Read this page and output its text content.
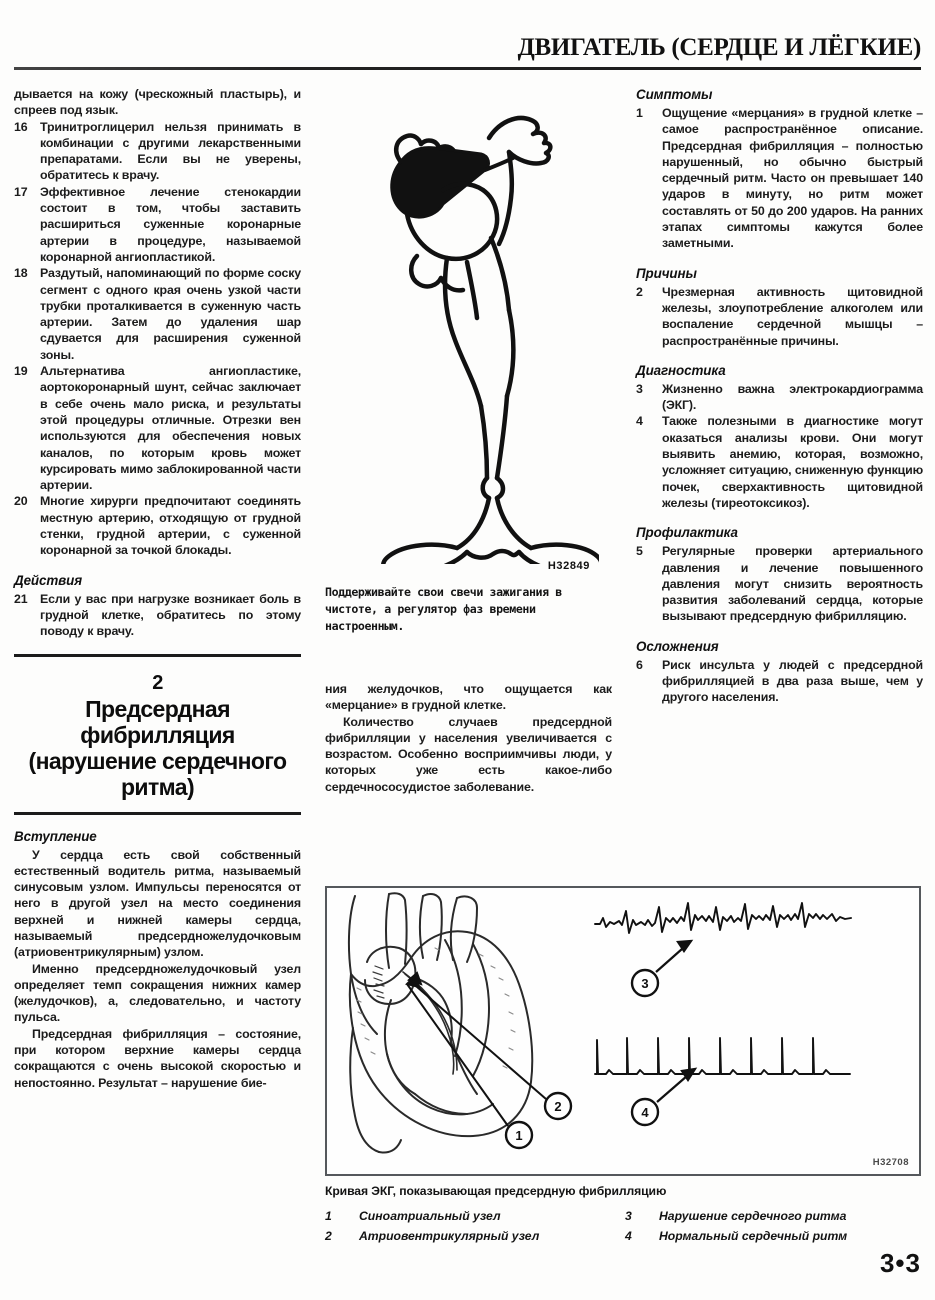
ДВИГАТЕЛЬ (СЕРДЦЕ И ЛЁГКИЕ)

дывается на кожу (чрескожный пластырь), и спреев под язык.

16	Тринитроглицерил нельзя принимать в комбинации с другими лекарственными препаратами. Если вы не уверены, обратитесь к врачу.
17	Эффективное лечение стенокардии состоит в том, чтобы заставить расшириться суженные коронарные артерии в процедуре, называемой коронарной ангиопластикой.
18	Раздутый, напоминающий по форме соску сегмент с одного края очень узкой части трубки проталкивается в суженную часть артерии. Затем до удаления шар сдувается для расширения суженной зоны.
19	Альтернатива ангиопластике, аортокоронарный шунт, сейчас заключает в себе очень мало риска, и результаты этой процедуры отличные. Отрезки вен используются для обеспечения новых каналов, по которым кровь может курсировать мимо заблокированной части артерии.
20	Многие хирурги предпочитают соединять местную артерию, отходящую от грудной стенки, грудной артерии, с суженной коронарной за точкой блокады.
Действия
21	Если у вас при нагрузке возникает боль в грудной клетке, обратитесь по этому поводу к врачу.
2
Предсердная фибрилляция (нарушение сердечного ритма)
Вступление

У сердца есть свой собственный естественный водитель ритма, называемый синусовым узлом. Импульсы переносятся от него в другой узел на место соединения верхней и нижней камеры сердца, называемый предсердножелудочковым (атриовентрикулярным) узлом.

Именно предсердножелудочковый узел определяет темп сокращения нижних камер (желудочков), а, следовательно, и частоту пульса.

Предсердная фибрилляция – состояние, при котором верхние камеры сердца сокращаются с очень высокой скоростью и непостоянно. Результат – нарушение бие-

H32849
Поддерживайте свои свечи зажигания в чистоте, а регулятор фаз времени настроенным.

ния желудочков, что ощущается как «мерцание» в грудной клетке.

Количество случаев предсердной фибрилляции у населения увеличивается с возрастом. Особенно восприимчивы люди, у которых уже есть какое-либо сердечнососудистое заболевание.

Симптомы
1	Ощущение «мерцания» в грудной клетке – самое распространённое описание. Предсердная фибрилляция – полностью нарушенный, но обычно быстрый сердечный ритм. Часто он превышает 140 ударов в минуту, но ритм может составлять от 50 до 200 ударов. На ранних этапах симптомы кажутся более заметными.
Причины
2	Чрезмерная активность щитовидной железы, злоупотребление алкоголем или воспаление сердечной мышцы – распространённые причины.
Диагностика
3	Жизненно важна электрокардиограмма (ЭКГ).
4	Также полезными в диагностике могут оказаться анализы крови. Они могут выявить анемию, которая, возможно, усложняет ситуацию, сниженную функцию почек, сверхактивность щитовидной железы (тиреотоксикоз).
Профилактика
5	Регулярные проверки артериального давления и лечение повышенного давления могут снизить вероятность развития заболеваний сердца, которые вызывают предсердную фибрилляцию.
Осложнения
6	Риск инсульта у людей с предсердной фибрилляцией в два раза выше, чем у другого населения.
1
2
3
4
H32708
Кривая ЭКГ, показывающая предсердную фибрилляцию
1	Синоатриальный узел
2	Атриовентрикулярный узел
3	Нарушение сердечного ритма
4	Нормальный сердечный ритм
3•3
